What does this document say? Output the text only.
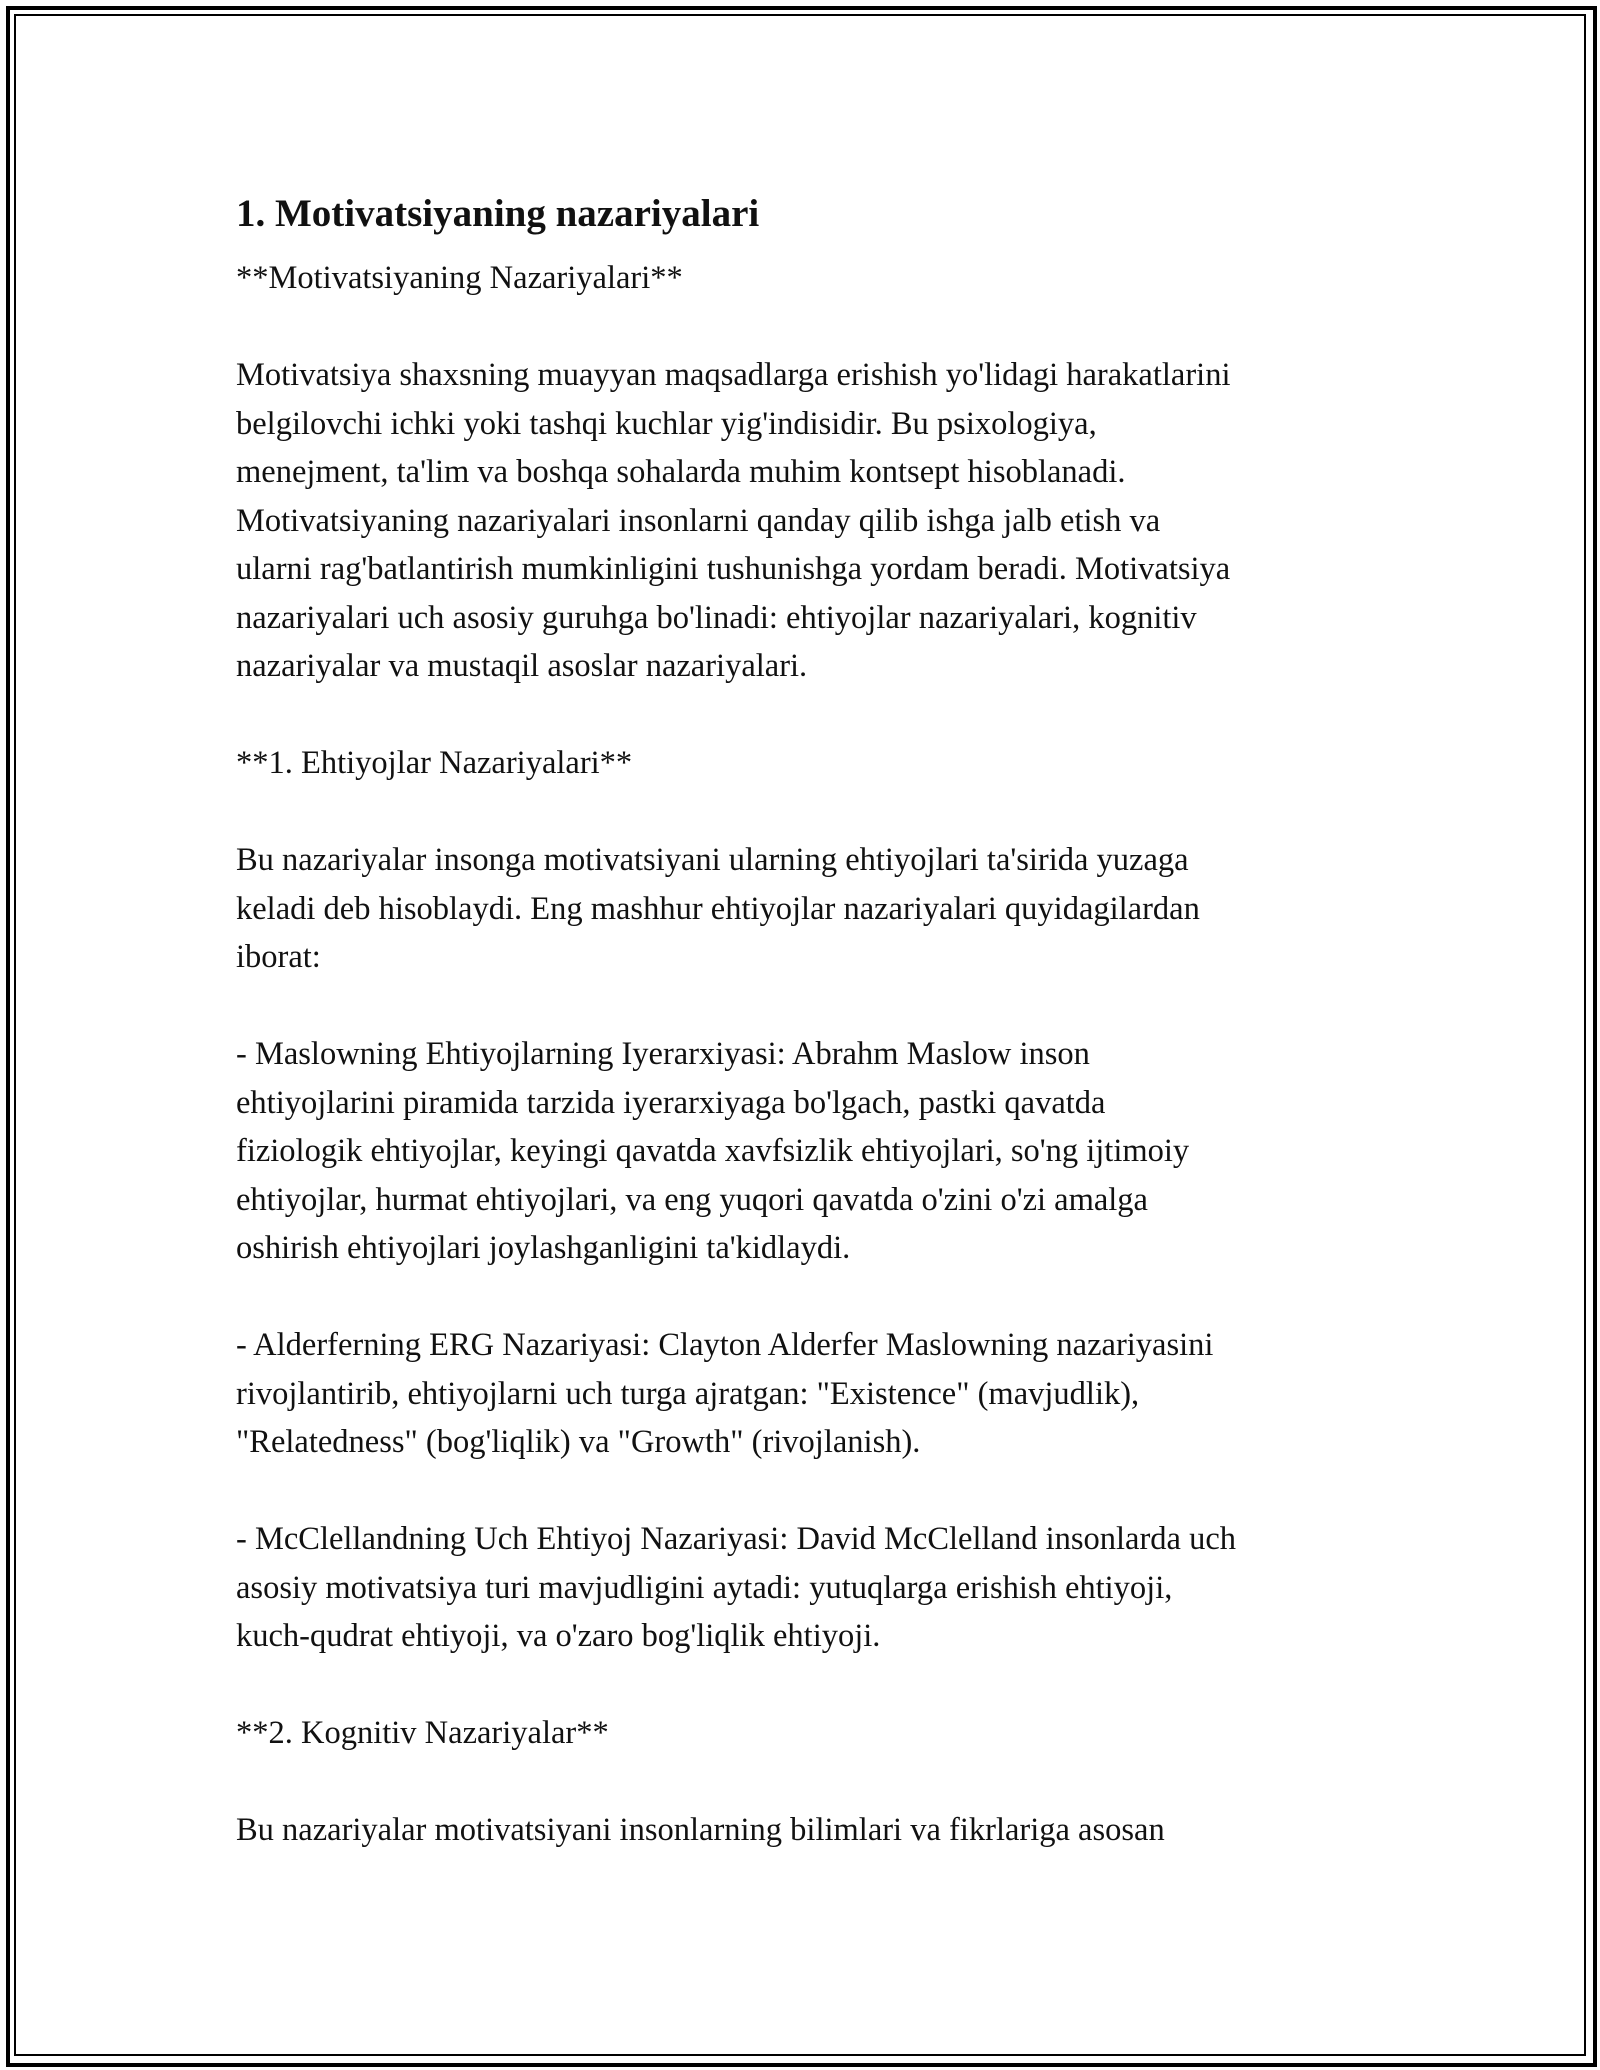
1. Motivatsiyaning nazariyalari
**Motivatsiyaning Nazariyalari**
Motivatsiya shaxsning muayyan maqsadlarga erishish yo'lidagi harakatlarini
belgilovchi ichki yoki tashqi kuchlar yig'indisidir. Bu psixologiya,
menejment, ta'lim va boshqa sohalarda muhim kontsept hisoblanadi.
Motivatsiyaning nazariyalari insonlarni qanday qilib ishga jalb etish va
ularni rag'batlantirish mumkinligini tushunishga yordam beradi. Motivatsiya
nazariyalari uch asosiy guruhga bo'linadi: ehtiyojlar nazariyalari, kognitiv
nazariyalar va mustaqil asoslar nazariyalari.
**1. Ehtiyojlar Nazariyalari**
Bu nazariyalar insonga motivatsiyani ularning ehtiyojlari ta'sirida yuzaga
keladi deb hisoblaydi. Eng mashhur ehtiyojlar nazariyalari quyidagilardan
iborat:
- Maslowning Ehtiyojlarning Iyerarxiyasi: Abrahm Maslow inson
ehtiyojlarini piramida tarzida iyerarxiyaga bo'lgach, pastki qavatda
fiziologik ehtiyojlar, keyingi qavatda xavfsizlik ehtiyojlari, so'ng ijtimoiy
ehtiyojlar, hurmat ehtiyojlari, va eng yuqori qavatda o'zini o'zi amalga
oshirish ehtiyojlari joylashganligini ta'kidlaydi.
- Alderferning ERG Nazariyasi: Clayton Alderfer Maslowning nazariyasini
rivojlantirib, ehtiyojlarni uch turga ajratgan: "Existence" (mavjudlik),
"Relatedness" (bog'liqlik) va "Growth" (rivojlanish).
- McClellandning Uch Ehtiyoj Nazariyasi: David McClelland insonlarda uch
asosiy motivatsiya turi mavjudligini aytadi: yutuqlarga erishish ehtiyoji,
kuch-qudrat ehtiyoji, va o'zaro bog'liqlik ehtiyoji.
**2. Kognitiv Nazariyalar**
Bu nazariyalar motivatsiyani insonlarning bilimlari va fikrlariga asosan
